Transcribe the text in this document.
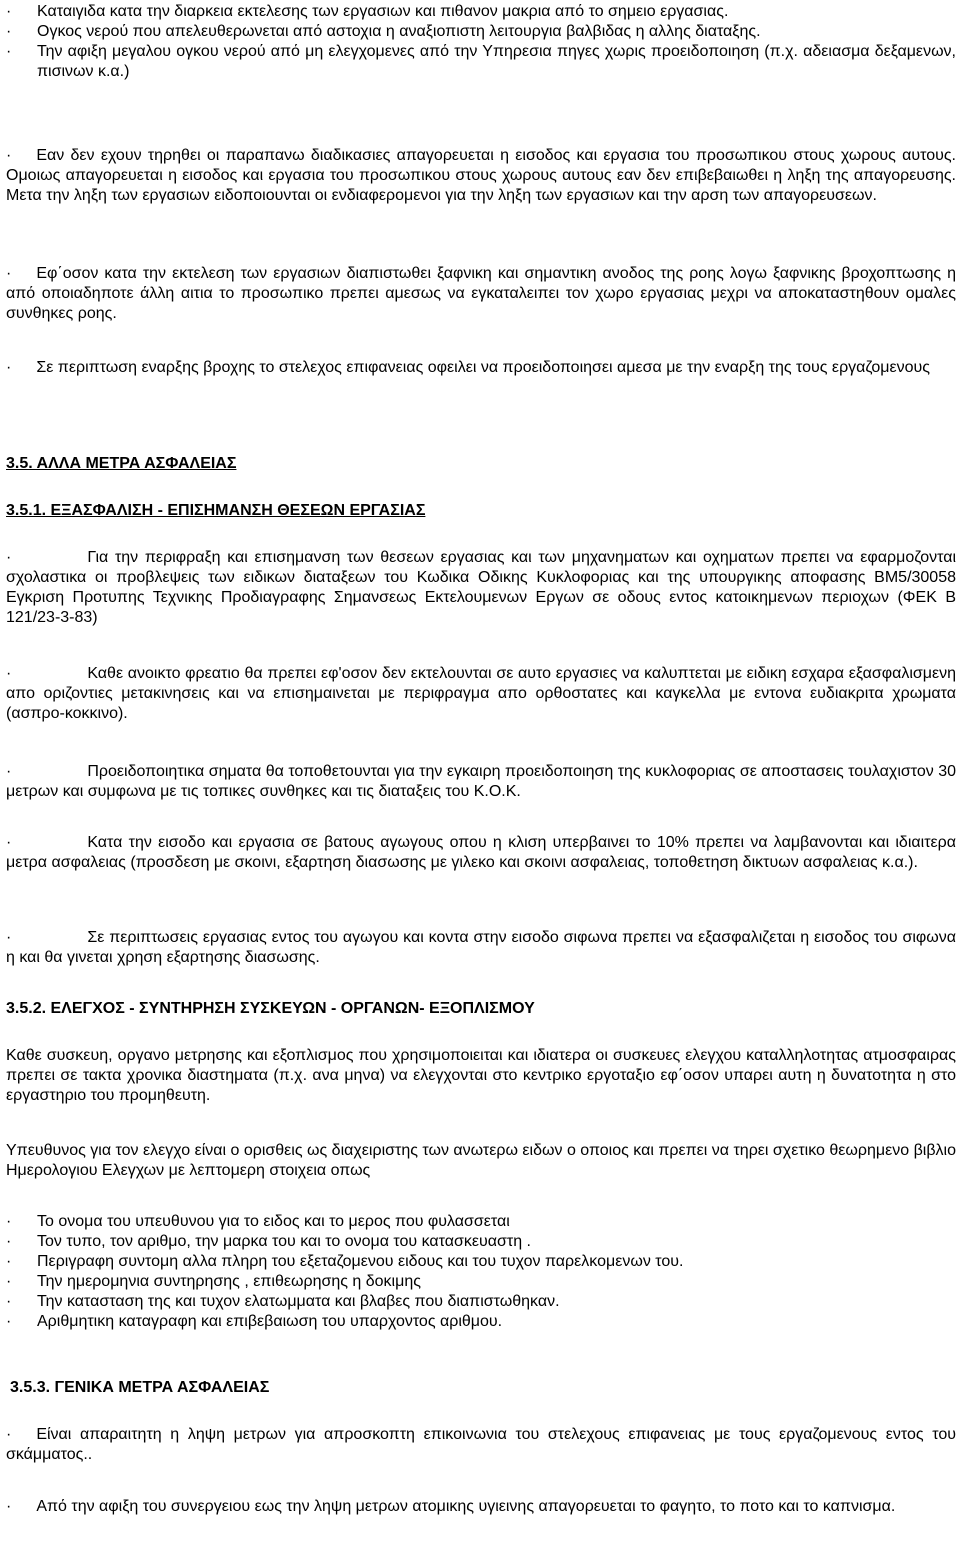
· Καταιγιδα κατα την διαρκεια εκτελεσης των εργασιων και πιθανον μακρια από το σημειο εργασιας.
· Ογκος νερού που απελευθερωνεται από αστοχια η αναξιοπιστη λειτουργια βαλβιδας η αλλης διαταξης.
· Την αφιξη μεγαλου ογκου νερού από μη ελεγχομενες από την Υπηρεσια πηγες χωρις προειδοποιηση (π.χ. αδειασμα δεξαμενων, πισινων κ.α.)
· Εαν δεν εχουν τηρηθει οι παραπανω διαδικασιες απαγορευεται η εισοδος και εργασια του προσωπικου στους χωρους αυτους. Ομοιως απαγορευεται η εισοδος και εργασια του προσωπικου στους χωρους αυτους εαν δεν επιβεβαιωθει η ληξη της απαγορευσης. Μετα την ληξη των εργασιων ειδοποιουνται οι ενδιαφερομενοι για την ληξη των εργασιων και την αρση των απαγορευσεων.
· Εφ΄οσον κατα την εκτελεση των εργασιων διαπιστωθει ξαφνικη και σημαντικη ανοδος της ροης λογω ξαφνικης βροχοπτωσης η από οποιαδηποτε άλλη αιτια το προσωπικο πρεπει αμεσως να εγκαταλειπει τον χωρο εργασιας μεχρι να αποκαταστηθουν ομαλες συνθηκες ροης.
· Σε περιπτωση εναρξης βροχης το στελεχος επιφανειας οφειλει να προειδοποιησει αμεσα με την εναρξη της τους εργαζομενους
3.5. ΑΛΛΑ ΜΕΤΡΑ ΑΣΦΑΛΕΙΑΣ
3.5.1. ΕΞΑΣΦΑΛΙΣΗ - ΕΠΙΣΗΜΑΝΣΗ ΘΕΣΕΩΝ ΕΡΓΑΣΙΑΣ
·	Για την περιφραξη και επισημανση των θεσεων εργασιας και των μηχανηματων και οχηματων πρεπει να εφαρμοζονται σχολαστικα οι προβλεψεις των ειδικων διαταξεων του Κωδικα Οδικης Κυκλοφοριας και της υπουργικης αποφασης ΒΜ5/30058 Εγκριση Προτυπης Τεχνικης Προδιαγραφης Σημανσεως Εκτελουμενων Εργων σε οδους εντος κατοικημενων περιοχων (ΦΕΚ Β 121/23-3-83)
·	Καθε ανοικτο φρεατιο θα πρεπει εφ'οσον δεν εκτελουνται σε αυτο εργασιες να καλυπτεται με ειδικη εσχαρα εξασφαλισμενη απο οριζοντιες μετακινησεις και να επισημαινεται με περιφραγμα απο ορθοστατες και καγκελλα με εντονα ευδιακριτα χρωματα (ασπρο-κοκκινο).
·	Προειδοποιητικα σηματα θα τοποθετουνται για την εγκαιρη προειδοποιηση της κυκλοφοριας σε αποστασεις τουλαχιστον 30 μετρων και συμφωνα με τις τοπικες συνθηκες και τις διαταξεις του Κ.Ο.Κ.
·	Κατα την εισοδο και εργασια σε βατους αγωγους οπου η κλιση υπερβαινει το 10% πρεπει να λαμβανονται και ιδιαιτερα μετρα ασφαλειας (προσδεση με σκοινι, εξαρτηση διασωσης με γιλεκο και σκοινι ασφαλειας, τοποθετηση δικτυων ασφαλειας κ.α.).
·	Σε περιπτωσεις εργασιας εντος του αγωγου και κοντα στην εισοδο σιφωνα πρεπει να εξασφαλιζεται η εισοδος του σιφωνα η και θα γινεται χρηση εξαρτησης διασωσης.
3.5.2. ΕΛΕΓΧΟΣ - ΣΥΝΤΗΡΗΣΗ ΣΥΣΚΕΥΩΝ - ΟΡΓΑΝΩΝ- ΕΞΟΠΛΙΣΜΟΥ
Καθε συσκευη, οργανο μετρησης και εξοπλισμος που χρησιμοποιειται και ιδιατερα οι συσκευες ελεγχου καταλληλοτητας ατμοσφαιρας πρεπει σε τακτα χρονικα διαστηματα (π.χ. ανα μηνα) να ελεγχονται στο κεντρικο εργοταξιο εφ΄οσον υπαρει αυτη η δυνατοτητα η στο εργαστηριο του προμηθευτη.
Υπευθυνος για τον ελεγχο είναι ο ορισθεις ως διαχειριστης των ανωτερω ειδων ο οποιος και πρεπει να τηρει σχετικο θεωρημενο βιβλιο Ημερολογιου Ελεγχων με λεπτομερη στοιχεια οπως
· Το ονομα του υπευθυνου για το ειδος και το μερος που φυλασσεται
· Τον τυπο, τον αριθμο, την μαρκα του και το ονομα του κατασκευαστη .
· Περιγραφη συντομη αλλα πληρη του εξεταζομενου ειδους και του τυχον παρελκομενων του.
· Την ημερομηνια συντηρησης , επιθεωρησης η δοκιμης
· Την κατασταση της και τυχον ελατωμματα και βλαβες που διαπιστωθηκαν.
· Αριθμητικη καταγραφη και επιβεβαιωση του υπαρχοντος αριθμου.
3.5.3. ΓΕΝΙΚΑ ΜΕΤΡΑ ΑΣΦΑΛΕΙΑΣ
· Είναι απαραιτητη η ληψη μετρων για απροσκοπτη επικοινωνια του στελεχους επιφανειας με τους εργαζομενους εντος του σκάμματος..
· Από την αφιξη του συνεργειου εως την ληψη μετρων ατομικης υγιεινης απαγορευεται το φαγητο, το ποτο και το καπνισμα.
